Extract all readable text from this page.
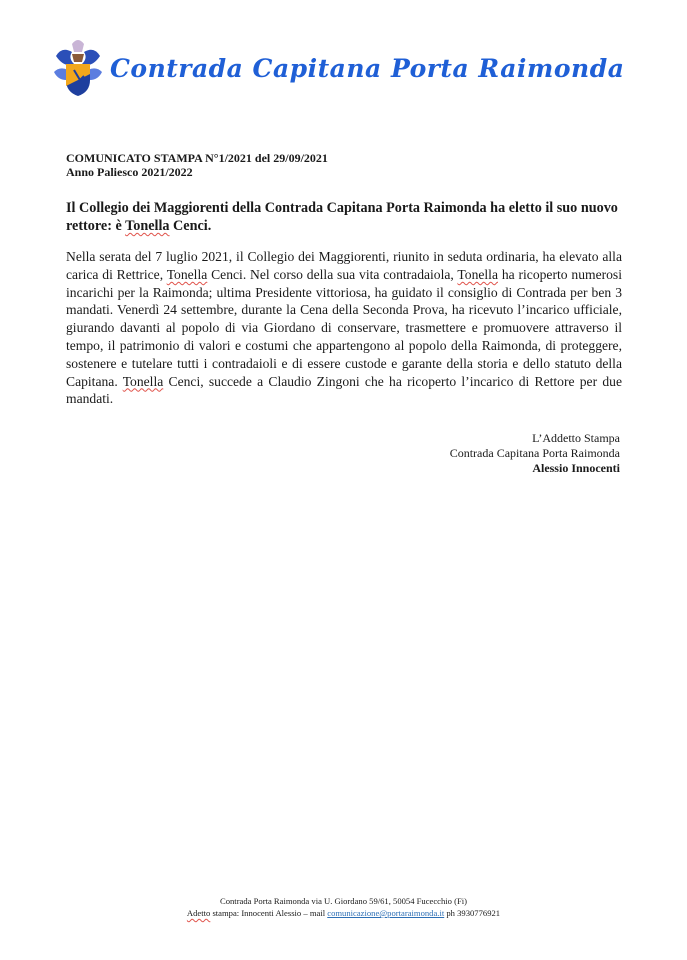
Contrada Capitana Porta Raimonda
COMUNICATO STAMPA N°1/2021 del 29/09/2021
Anno Paliesco 2021/2022
Il Collegio dei Maggiorenti della Contrada Capitana Porta Raimonda ha eletto il suo nuovo rettore: è Tonella Cenci.
Nella serata del 7 luglio 2021, il Collegio dei Maggiorenti, riunito in seduta ordinaria, ha elevato alla carica di Rettrice, Tonella Cenci. Nel corso della sua vita contradaiola, Tonella ha ricoperto numerosi incarichi per la Raimonda; ultima Presidente vittoriosa, ha guidato il consiglio di Contrada per ben 3 mandati. Venerdì 24 settembre, durante la Cena della Seconda Prova, ha ricevuto l’incarico ufficiale, giurando davanti al popolo di via Giordano di conservare, trasmettere e promuovere attraverso il tempo, il patrimonio di valori e costumi che appartengono al popolo della Raimonda, di proteggere, sostenere e tutelare tutti i contradaioli e di essere custode e garante della storia e dello statuto della Capitana. Tonella Cenci, succede a Claudio Zingoni che ha ricoperto l’incarico di Rettore per due mandati.
L’Addetto Stampa
Contrada Capitana Porta Raimonda
Alessio Innocenti
Contrada Porta Raimonda via U. Giordano 59/61, 50054 Fucecchio (Fi)
Adetto stampa: Innocenti Alessio – mail comunicazione@portaraimonda.it ph 3930776921
